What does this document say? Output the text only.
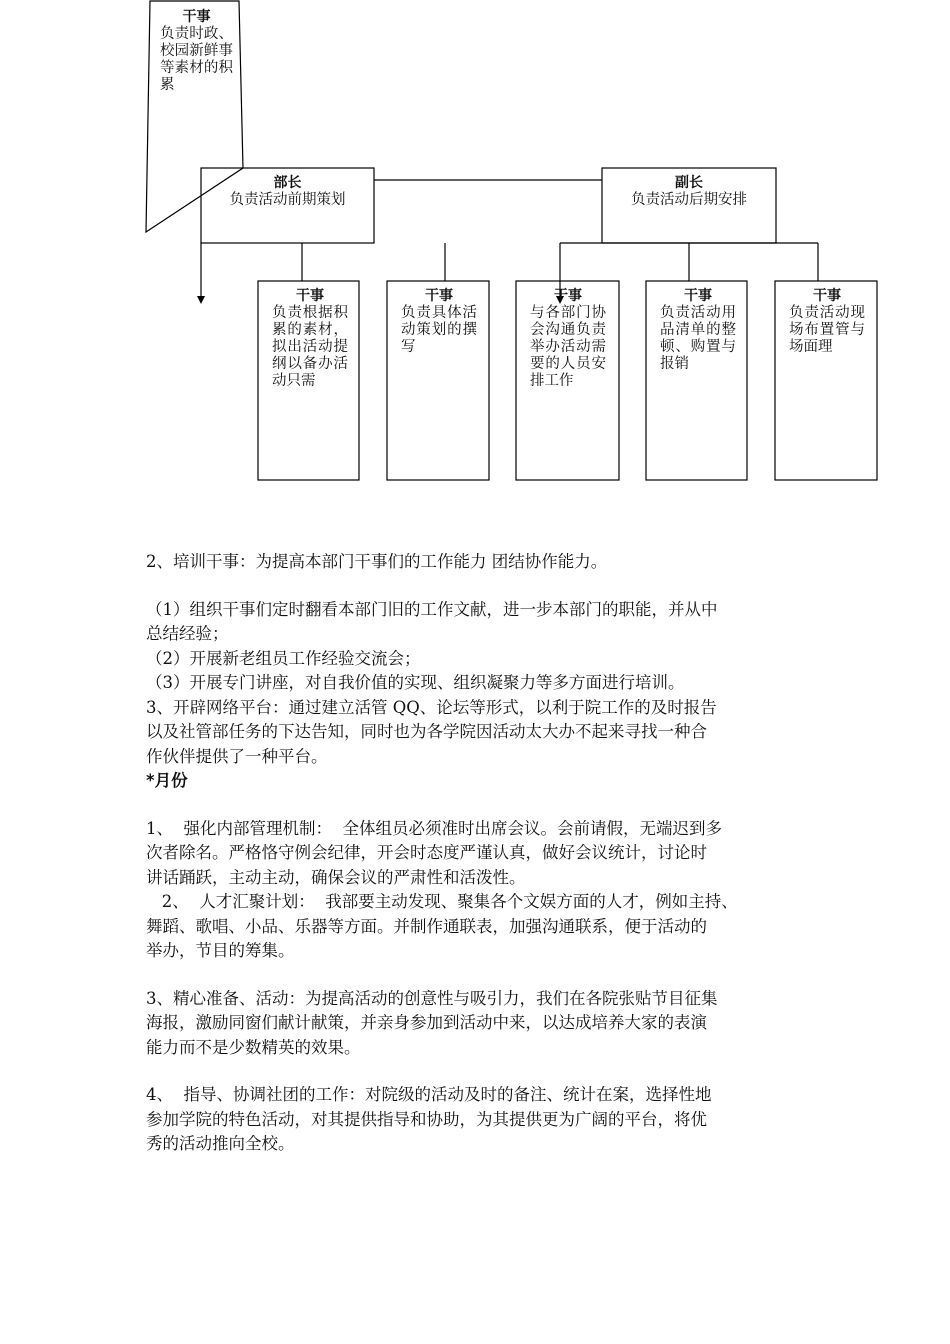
干事
负责时政、校园新鲜事等素材的积累
部长
负责活动前期策划
副长
负责活动后期安排
干事
负责根据积累的素材，拟出活动提纲以备办活动只需
干事
负责具体活动策划的撰写
干事
与各部门协会沟通负责举办活动需要的人员安排工作
干事
负责活动用品清单的整顿、购置与报销
干事
负责活动现场布置管与场面理

2、培训干事：为提高本部门干事们的工作能力 团结协作能力。

（1）组织干事们定时翻看本部门旧的工作文献，进一步本部门的职能，并从中

总结经验；

（2）开展新老组员工作经验交流会；

（3）开展专门讲座，对自我价值的实现、组织凝聚力等多方面进行培训。

3、开辟网络平台：通过建立活管 QQ、论坛等形式，以利于院工作的及时报告

以及社管部任务的下达告知，同时也为各学院因活动太大办不起来寻找一种合

作伙伴提供了一种平台。

*月份

1、  强化内部管理机制：  全体组员必须准时出席会议。会前请假，无端迟到多

次者除名。严格恪守例会纪律，开会时态度严谨认真，做好会议统计，讨论时

讲话踊跃，主动主动，确保会议的严肃性和活泼性。

2、  人才汇聚计划：  我部要主动发现、聚集各个文娱方面的人才，例如主持、

舞蹈、歌唱、小品、乐器等方面。并制作通联表，加强沟通联系，便于活动的

举办，节目的筹集。

3、精心准备、活动：为提高活动的创意性与吸引力，我们在各院张贴节目征集

海报，激励同窗们献计献策，并亲身参加到活动中来，以达成培养大家的表演

能力而不是少数精英的效果。

4、  指导、协调社团的工作：对院级的活动及时的备注、统计在案，选择性地

参加学院的特色活动，对其提供指导和协助，为其提供更为广阔的平台，将优

秀的活动推向全校。
